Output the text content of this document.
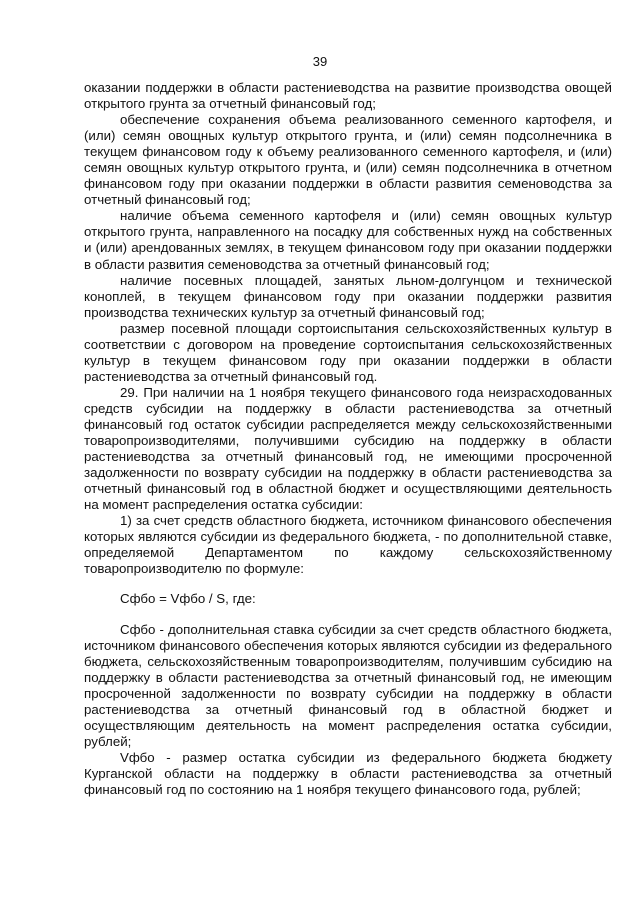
39

оказании поддержки в области растениеводства на развитие производства овощей открытого грунта за отчетный финансовый год;

обеспечение сохранения объема реализованного семенного картофеля, и (или) семян овощных культур открытого грунта, и (или) семян подсолнечника в текущем финансовом году к объему реализованного семенного картофеля, и (или) семян овощных культур открытого грунта, и (или) семян подсолнечника в отчетном финансовом году при оказании поддержки в области развития семеноводства за отчетный финансовый год;

наличие объема семенного картофеля и (или) семян овощных культур открытого грунта, направленного на посадку для собственных нужд на собственных и (или) арендованных землях, в текущем финансовом году при оказании поддержки в области развития семеноводства за отчетный финансовый год;

наличие посевных площадей, занятых льном-долгунцом и технической коноплей, в текущем финансовом году при оказании поддержки развития производства технических культур за отчетный финансовый год;

размер посевной площади сортоиспытания сельскохозяйственных культур в соответствии с договором на проведение сортоиспытания сельскохозяйственных культур в текущем финансовом году при оказании поддержки в области растениеводства за отчетный финансовый год.

29. При наличии на 1 ноября текущего финансового года неизрасходованных средств субсидии на поддержку в области растениеводства за отчетный финансовый год остаток субсидии распределяется между сельскохозяйственными товаропроизводителями, получившими субсидию на поддержку в области растениеводства за отчетный финансовый год, не имеющими просроченной задолженности по возврату субсидии на поддержку в области растениеводства за отчетный финансовый год в областной бюджет и осуществляющими деятельность на момент распределения остатка субсидии:

1) за счет средств областного бюджета, источником финансового обеспечения которых являются субсидии из федерального бюджета, - по дополнительной ставке, определяемой Департаментом по каждому сельскохозяйственному товаропроизводителю по формуле:

Сфбо = Vфбо / S, где:

Сфбо - дополнительная ставка субсидии за счет средств областного бюджета, источником финансового обеспечения которых являются субсидии из федерального бюджета, сельскохозяйственным товаропроизводителям, получившим субсидию на поддержку в области растениеводства за отчетный финансовый год, не имеющим просроченной задолженности по возврату субсидии на поддержку в области растениеводства за отчетный финансовый год в областной бюджет и осуществляющим деятельность на момент распределения остатка субсидии, рублей;

Vфбо - размер остатка субсидии из федерального бюджета бюджету Курганской области на поддержку в области растениеводства за отчетный финансовый год по состоянию на 1 ноября текущего финансового года, рублей;
